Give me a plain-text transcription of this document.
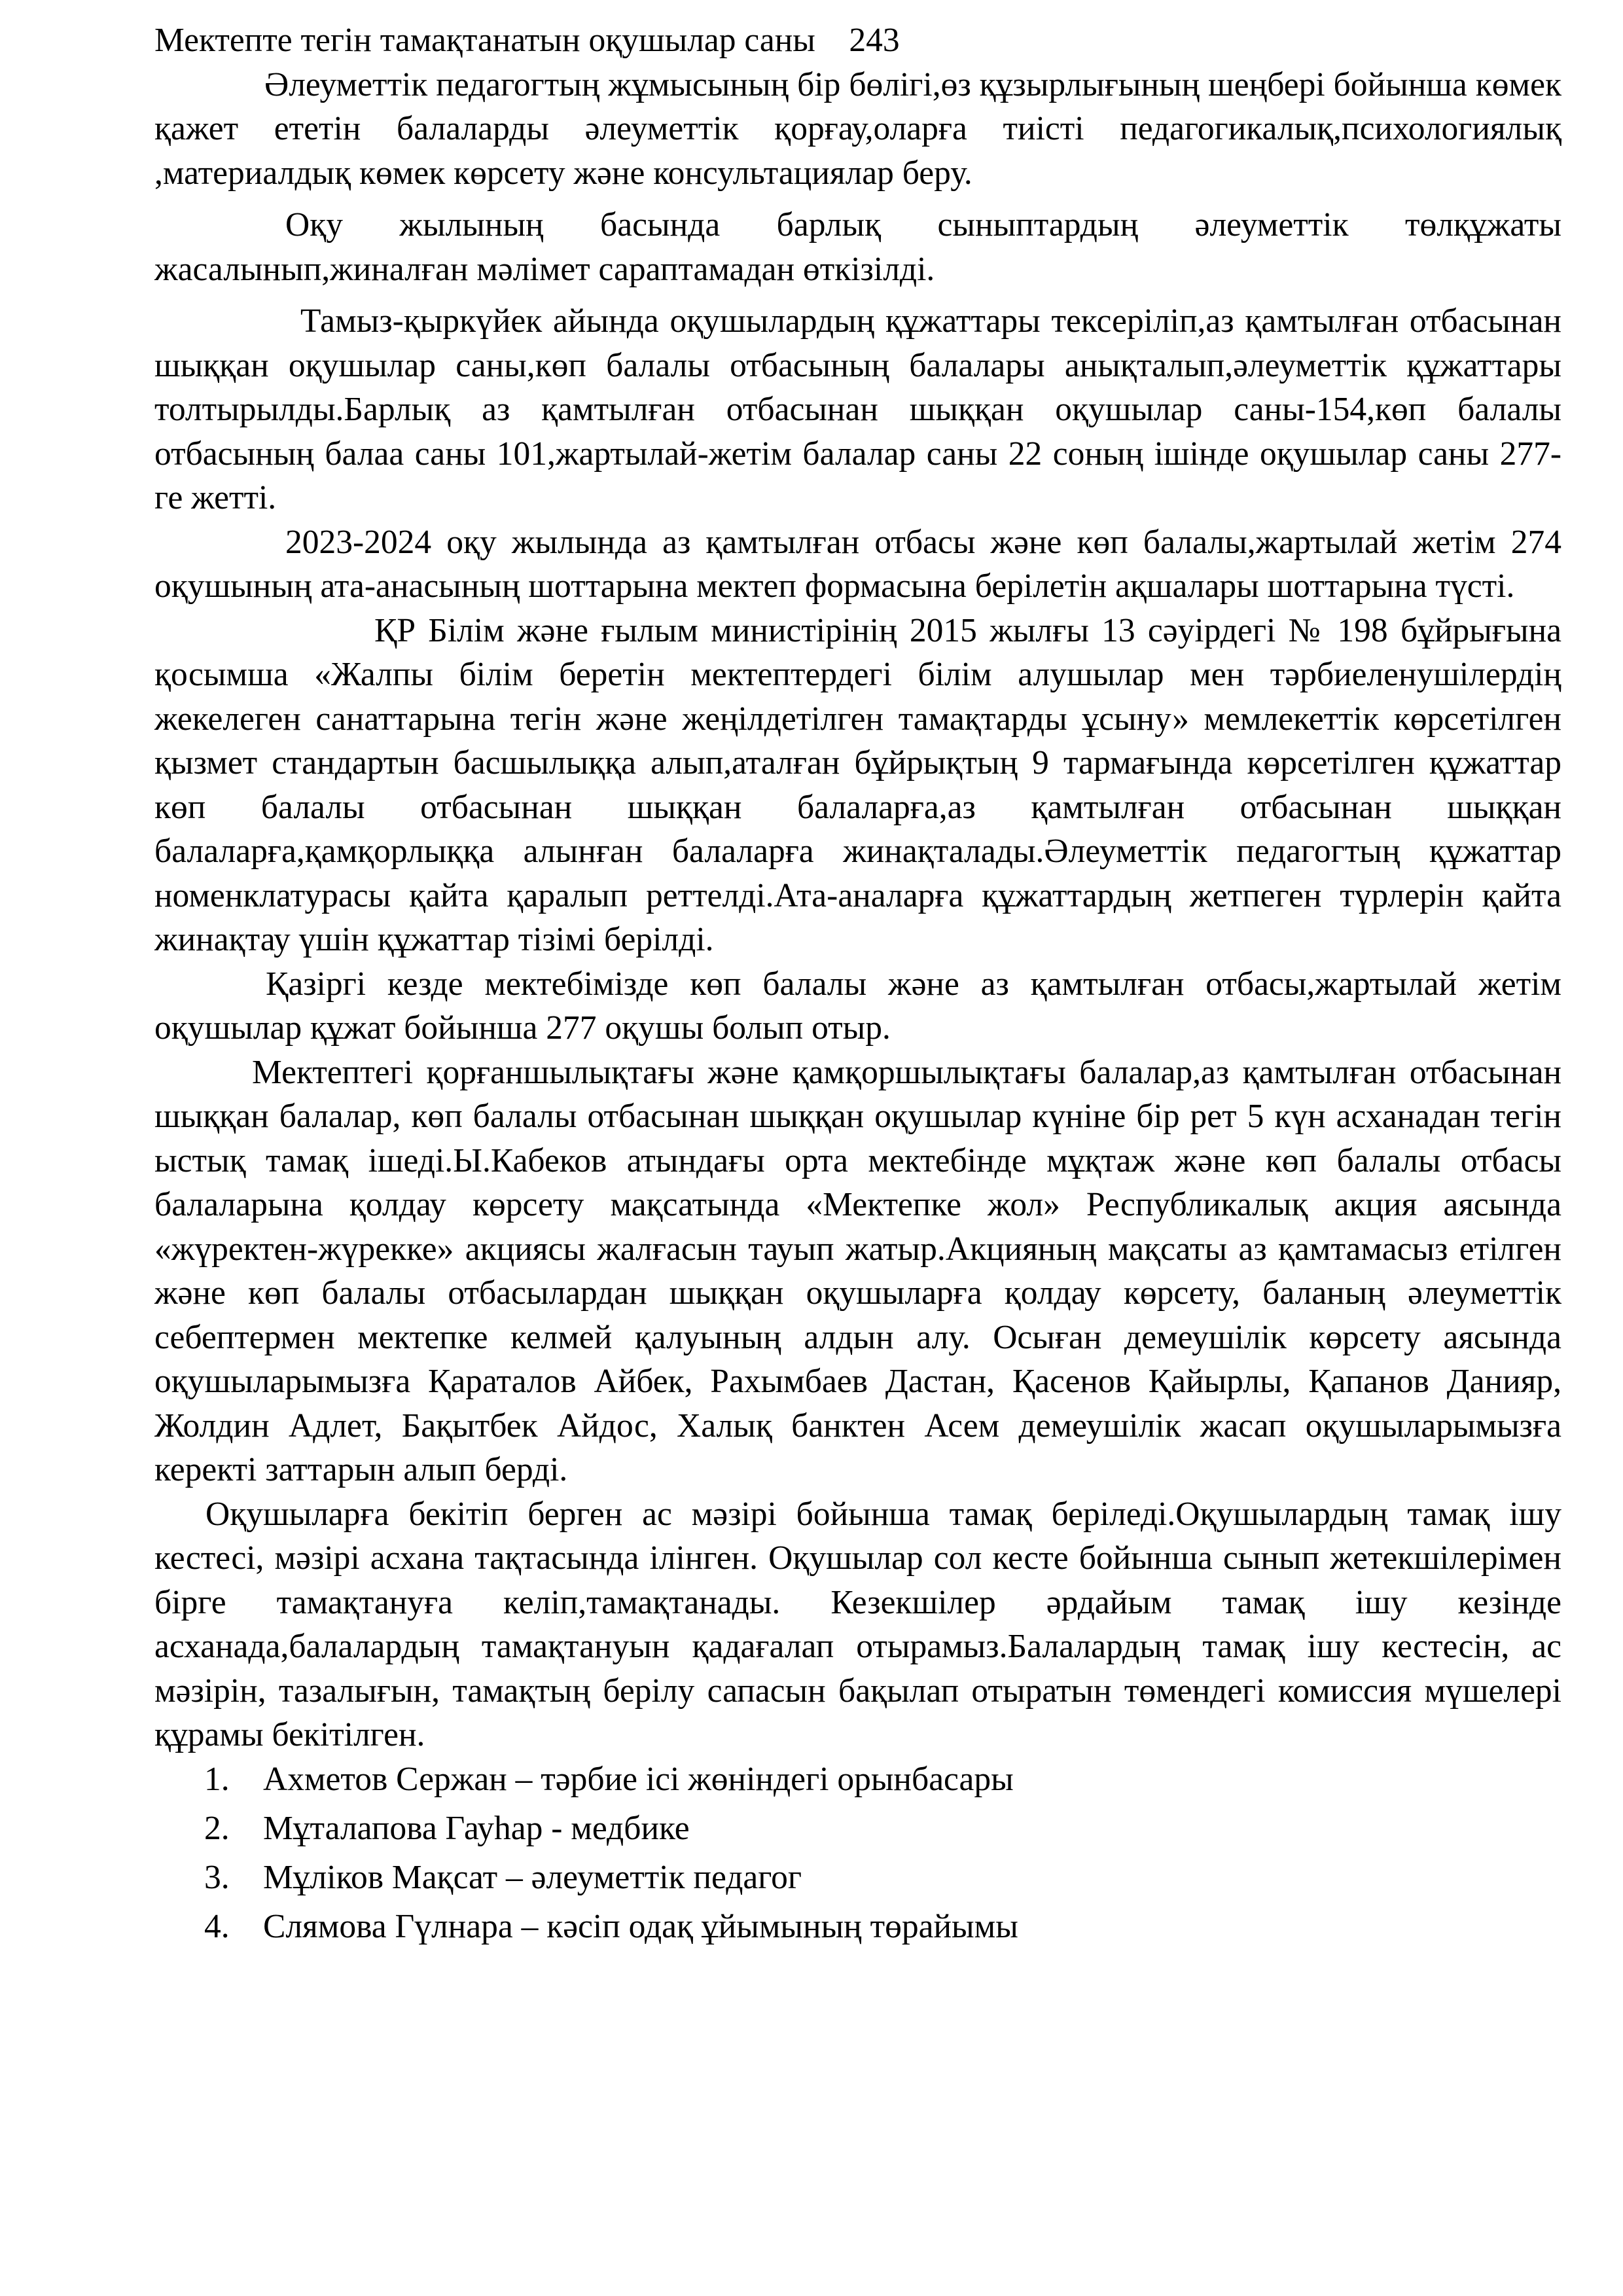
Мектепте тегін тамақтанатын оқушылар саны    243

Әлеуметтік педагогтың жұмысының бір бөлігі,өз құзырлығының шеңбері бойынша көмек қажет ететін балаларды әлеуметтік қорғау,оларға тиісті педагогикалық,психологиялық ,материалдық көмек көрсету және консультациялар беру.

Оқу жылының басында барлық сыныптардың әлеуметтік төлқұжаты жасалынып,жиналған мәлімет сараптамадан өткізілді.

Тамыз-қыркүйек айында оқушылардың құжаттары тексеріліп,аз қамтылған отбасынан шыққан оқушылар саны,көп балалы отбасының балалары анықталып,әлеуметтік құжаттары толтырылды.Барлық аз қамтылған отбасынан шыққан оқушылар саны-154,көп балалы отбасының балаа саны 101,жартылай-жетім балалар саны 22 соның ішінде оқушылар саны 277-ге жетті.

2023-2024 оқу жылында аз қамтылған отбасы және көп балалы,жартылай жетім 274 оқушының ата-анасының шоттарына мектеп формасына берілетін ақшалары шоттарына түсті.

ҚР Білім және ғылым министірінің 2015 жылғы 13 сәуірдегі № 198 бұйрығына қосымша «Жалпы білім беретін мектептердегі білім алушылар мен тәрбиеленушілердің жекелеген санаттарына тегін және жеңілдетілген тамақтарды ұсыну» мемлекеттік көрсетілген қызмет стандартын басшылыққа алып,аталған бұйрықтың 9 тармағында көрсетілген құжаттар көп балалы отбасынан шыққан балаларға,аз қамтылған отбасынан шыққан балаларға,қамқорлыққа алынған балаларға жинақталады.Әлеуметтік педагогтың құжаттар номенклатурасы қайта қаралып реттелді.Ата-аналарға құжаттардың жетпеген түрлерін қайта жинақтау үшін құжаттар тізімі берілді.

Қазіргі кезде мектебімізде көп балалы және аз қамтылған отбасы,жартылай жетім оқушылар құжат бойынша 277 оқушы болып отыр.

Мектептегі қорғаншылықтағы және қамқоршылықтағы балалар,аз қамтылған отбасынан шыққан балалар, көп балалы отбасынан шыққан оқушылар күніне бір рет 5 күн асханадан тегін ыстық тамақ ішеді.Ы.Кабеков атындағы орта мектебінде мұқтаж және көп балалы отбасы балаларына қолдау көрсету мақсатында «Мектепке жол» Республикалық акция аясында «жүректен-жүрекке» акциясы жалғасын тауып жатыр.Акцияның мақсаты аз қамтамасыз етілген және көп балалы отбасылардан шыққан оқушыларға қолдау көрсету, баланың әлеуметтік себептермен мектепке келмей қалуының алдын алу. Осыған демеушілік көрсету аясында оқушыларымызға Қараталов Айбек, Рахымбаев Дастан, Қасенов Қайырлы, Қапанов Данияр, Жолдин Адлет, Бақытбек Айдос, Халық банктен Асем демеушілік жасап оқушыларымызға керекті заттарын алып берді.

Оқушыларға бекітіп берген ас мәзірі бойынша тамақ беріледі.Оқушылардың тамақ ішу кестесі, мәзірі асхана тақтасында ілінген. Оқушылар сол кесте бойынша сынып жетекшілерімен бірге тамақтануға келіп,тамақтанады. Кезекшілер әрдайым тамақ ішу кезінде асханада,балалардың тамақтануын қадағалап отырамыз.Балалардың тамақ ішу кестесін, ас мәзірін, тазалығын, тамақтың берілу сапасын бақылап отыратын төмендегі комиссия мүшелері құрамы бекітілген.

1. Ахметов Сержан – тәрбие ісі жөніндегі орынбасары
2. Мұталапова Гауһар - медбике
3. Мұліков Мақсат – әлеуметтік педагог
4. Слямова Гүлнара – кәсіп одақ ұйымының төрайымы
